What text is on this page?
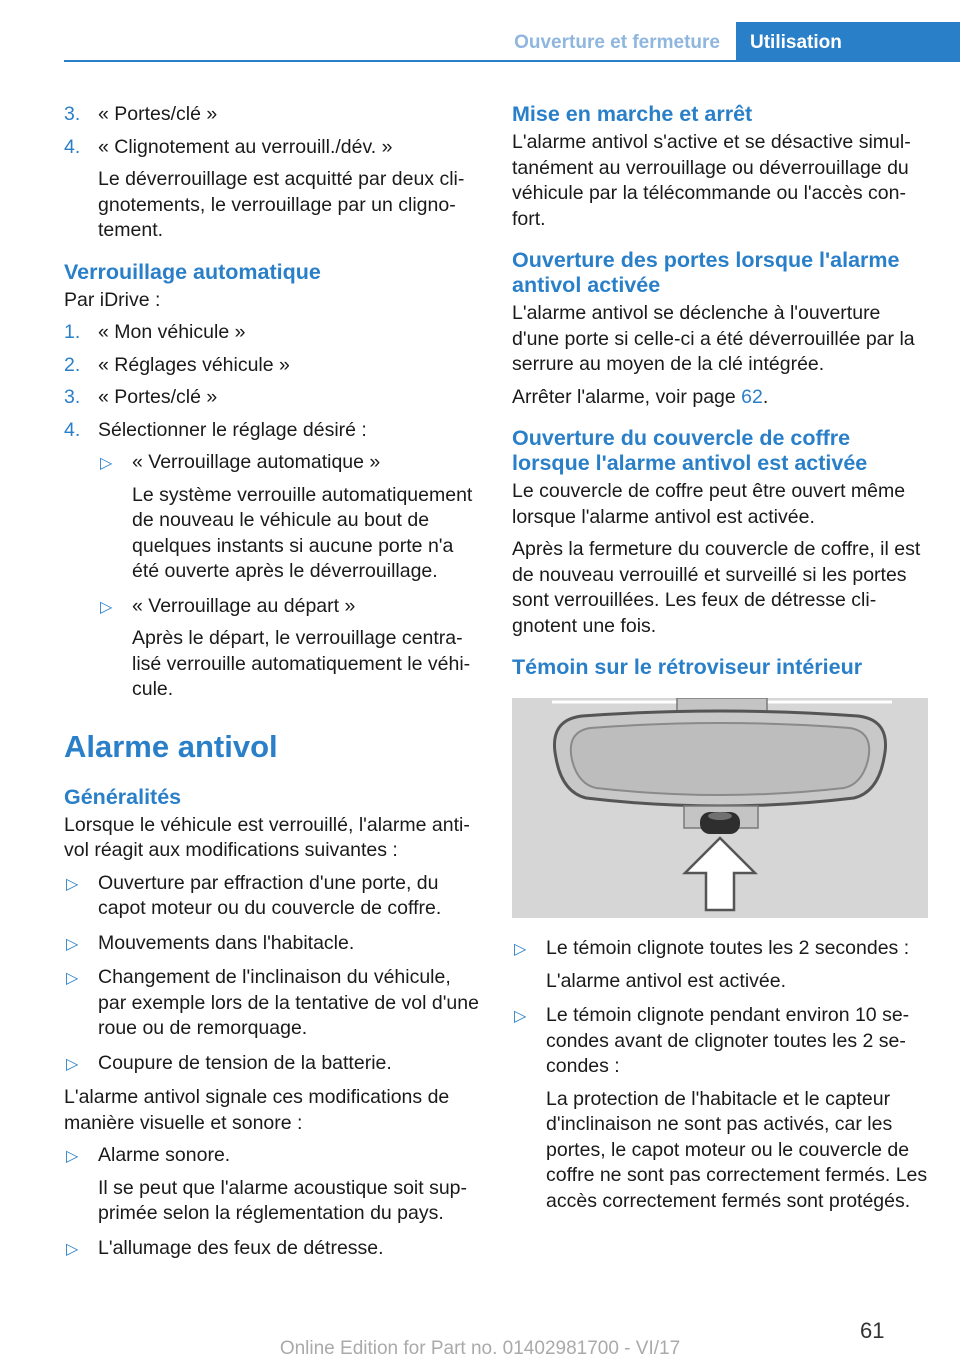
Ouverture et fermeture	Utilisation
3. « Portes/clé »
4. « Clignotement au verrouill./dév. »
Le déverrouillage est acquitté par deux clignotements, le verrouillage par un clignotement.
Verrouillage automatique

Par iDrive :

1. « Mon véhicule »
2. « Réglages véhicule »
3. « Portes/clé »
4. Sélectionner le réglage désiré :
▷ « Verrouillage automatique »
Le système verrouille automatiquement de nouveau le véhicule au bout de quelques instants si aucune porte n'a été ouverte après le déverrouillage.
▷ « Verrouillage au départ »
Après le départ, le verrouillage centralisé verrouille automatiquement le véhicule.
Alarme antivol
Généralités

Lorsque le véhicule est verrouillé, l'alarme antivol réagit aux modifications suivantes :

▷ Ouverture par effraction d'une porte, du capot moteur ou du couvercle de coffre.
▷ Mouvements dans l'habitacle.
▷ Changement de l'inclinaison du véhicule, par exemple lors de la tentative de vol d'une roue ou de remorquage.
▷ Coupure de tension de la batterie.

L'alarme antivol signale ces modifications de manière visuelle et sonore :

▷ Alarme sonore.
Il se peut que l'alarme acoustique soit supprimée selon la réglementation du pays.
▷ L'allumage des feux de détresse.
Mise en marche et arrêt

L'alarme antivol s'active et se désactive simultanément au verrouillage ou déverrouillage du véhicule par la télécommande ou l'accès confort.

Ouverture des portes lorsque l'alarme antivol activée

L'alarme antivol se déclenche à l'ouverture d'une porte si celle-ci a été déverrouillée par la serrure au moyen de la clé intégrée.

Arrêter l'alarme, voir page 62.

Ouverture du couvercle de coffre lorsque l'alarme antivol est activée

Le couvercle de coffre peut être ouvert même lorsque l'alarme antivol est activée.

Après la fermeture du couvercle de coffre, il est de nouveau verrouillé et surveillé si les portes sont verrouillées. Les feux de détresse clignotent une fois.

Témoin sur le rétroviseur intérieur
▷ Le témoin clignote toutes les 2 secondes :
L'alarme antivol est activée.
▷ Le témoin clignote pendant environ 10 secondes avant de clignoter toutes les 2 secondes :
La protection de l'habitacle et le capteur d'inclinaison ne sont pas activés, car les portes, le capot moteur ou le couvercle de coffre ne sont pas correctement fermés. Les accès correctement fermés sont protégés.
61
Online Edition for Part no. 01402981700 - VI/17
